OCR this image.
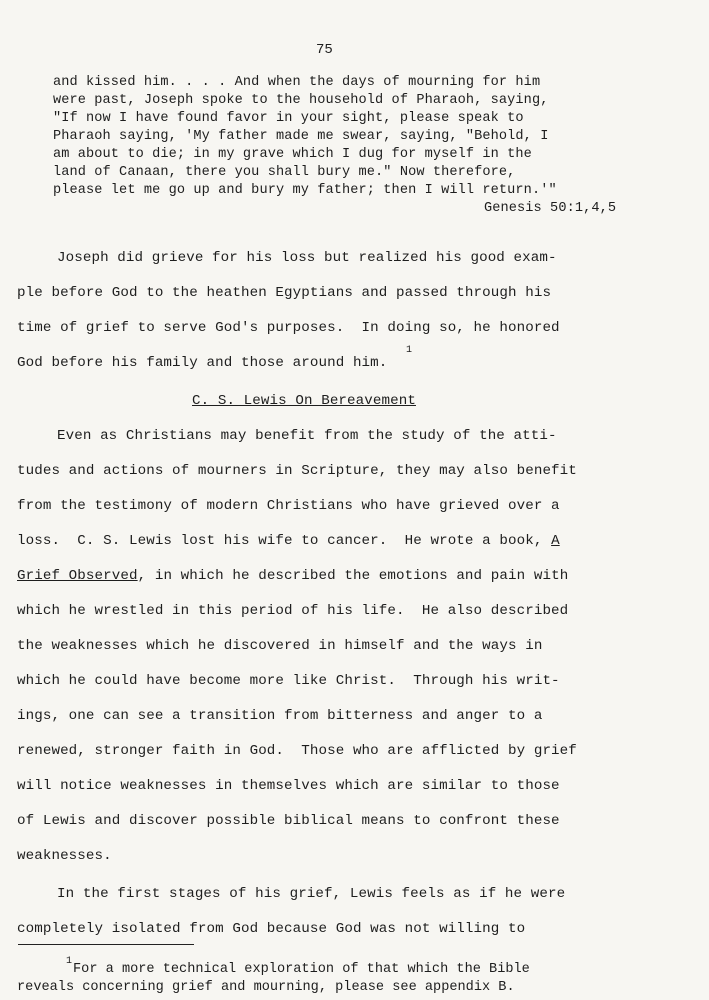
75
and kissed him. . . . And when the days of mourning for him
were past, Joseph spoke to the household of Pharaoh, saying,
"If now I have found favor in your sight, please speak to
Pharaoh saying, 'My father made me swear, saying, "Behold, I
am about to die; in my grave which I dug for myself in the
land of Canaan, there you shall bury me." Now therefore,
please let me go up and bury my father; then I will return.'"
Genesis 50:1,4,5
Joseph did grieve for his loss but realized his good exam-
ple before God to the heathen Egyptians and passed through his
time of grief to serve God's purposes.  In doing so, he honored
God before his family and those around him.
1
C. S. Lewis On Bereavement
Even as Christians may benefit from the study of the atti-
tudes and actions of mourners in Scripture, they may also benefit
from the testimony of modern Christians who have grieved over a
loss.  C. S. Lewis lost his wife to cancer.  He wrote a book, A
Grief Observed, in which he described the emotions and pain with
which he wrestled in this period of his life.  He also described
the weaknesses which he discovered in himself and the ways in
which he could have become more like Christ.  Through his writ-
ings, one can see a transition from bitterness and anger to a
renewed, stronger faith in God.  Those who are afflicted by grief
will notice weaknesses in themselves which are similar to those
of Lewis and discover possible biblical means to confront these
weaknesses.
In the first stages of his grief, Lewis feels as if he were
completely isolated from God because God was not willing to
1
For a more technical exploration of that which the Bible
reveals concerning grief and mourning, please see appendix B.
